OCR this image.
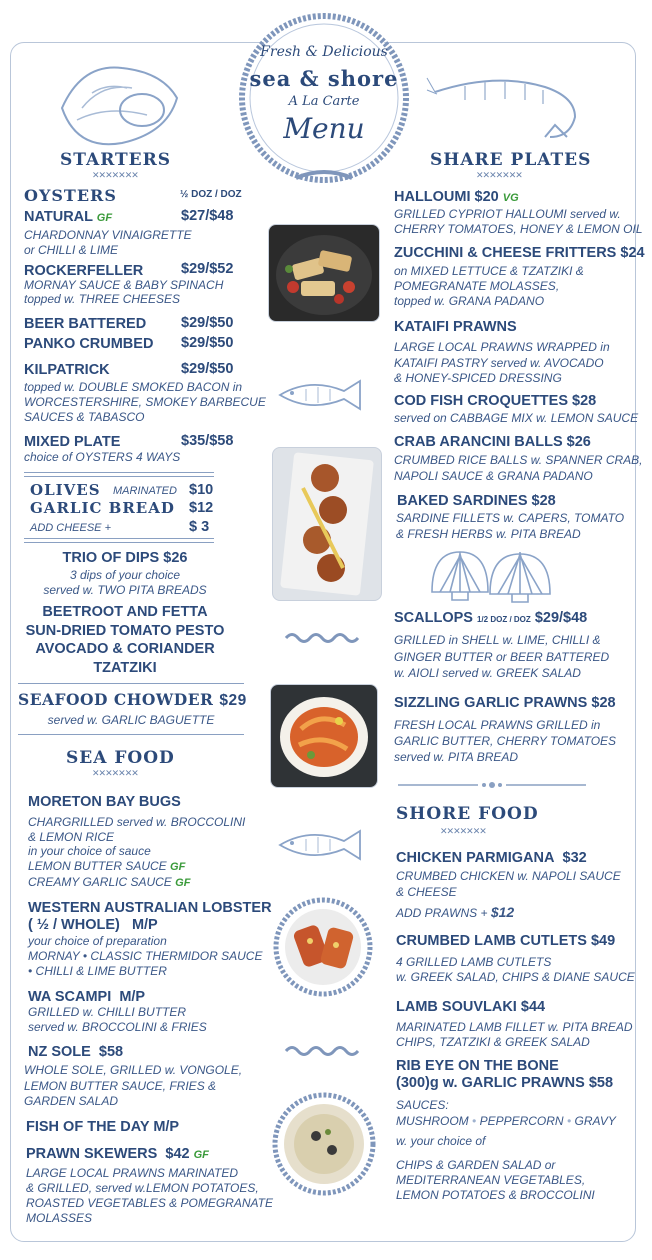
Fresh & Delicious
sea & shore
A La Carte
Menu
STARTERS
✕✕✕✕✕✕✕
OYSTERS	½ DOZ / DOZ
NATURAL GF	$27/$48
CHARDONNAY VINAIGRETTE
or CHILLI & LIME
ROCKERFELLER	$29/$52
MORNAY SAUCE & BABY SPINACH
topped w. THREE CHEESES
BEER BATTERED $29/$50
PANKO CRUMBED $29/$50
KILPATRICK	$29/$50
topped w. DOUBLE SMOKED BACON in
WORCESTERSHIRE, SMOKEY BARBECUE
SAUCES & TABASCO
MIXED PLATE	$35/$58
choice of OYSTERS 4 WAYS
OLIVES MARINATED $10
GARLIC BREAD $12
ADD CHEESE +	$ 3
TRIO OF DIPS $26
3 dips of your choice
served w. TWO PITA BREADS
BEETROOT AND FETTA
SUN-DRIED TOMATO PESTO
AVOCADO & CORIANDER
TZATZIKI
SEAFOOD CHOWDER $29
served w. GARLIC BAGUETTE
SEA FOOD
✕✕✕✕✕✕✕
MORETON BAY BUGS
CHARGRILLED served w. BROCCOLINI
& LEMON RICE
in your choice of sauce
LEMON BUTTER SAUCE GF
CREAMY GARLIC SAUCE GF
WESTERN AUSTRALIAN LOBSTER
( ½ / WHOLE) M/P
your choice of preparation
MORNAY • CLASSIC THERMIDOR SAUCE
• CHILLI & LIME BUTTER
WA SCAMPI M/P
GRILLED w. CHILLI BUTTER
served w. BROCCOLINI & FRIES
NZ SOLE $58
WHOLE SOLE, GRILLED w. VONGOLE,
LEMON BUTTER SAUCE, FRIES &
GARDEN SALAD
FISH OF THE DAY M/P
PRAWN SKEWERS $42 GF
LARGE LOCAL PRAWNS MARINATED
& GRILLED, served w.LEMON POTATOES,
ROASTED VEGETABLES & POMEGRANATE
MOLASSES
SHARE PLATES
✕✕✕✕✕✕✕
HALLOUMI $20 VG
GRILLED CYPRIOT HALLOUMI served w.
CHERRY TOMATOES, HONEY & LEMON OIL
ZUCCHINI & CHEESE FRITTERS $24
on MIXED LETTUCE & TZATZIKI &
POMEGRANATE MOLASSES,
topped w. GRANA PADANO
KATAIFI PRAWNS
LARGE LOCAL PRAWNS WRAPPED in
KATAIFI PASTRY served w. AVOCADO
& HONEY-SPICED DRESSING
COD FISH CROQUETTES $28
served on CABBAGE MIX w. LEMON SAUCE
CRAB ARANCINI BALLS $26
CRUMBED RICE BALLS w. SPANNER CRAB,
NAPOLI SAUCE & GRANA PADANO
BAKED SARDINES $28
SARDINE FILLETS w. CAPERS, TOMATO
& FRESH HERBS w. PITA BREAD
SCALLOPS 1/2 DOZ / DOZ $29/$48
GRILLED in SHELL w. LIME, CHILLI &
GINGER BUTTER or BEER BATTERED
w. AIOLI served w. GREEK SALAD
SIZZLING GARLIC PRAWNS $28
FRESH LOCAL PRAWNS GRILLED in
GARLIC BUTTER, CHERRY TOMATOES
served w. PITA BREAD
SHORE FOOD
✕✕✕✕✕✕✕
CHICKEN PARMIGANA $32
CRUMBED CHICKEN w. NAPOLI SAUCE
& CHEESE
ADD PRAWNS + $12
CRUMBED LAMB CUTLETS $49
4 GRILLED LAMB CUTLETS
w. GREEK SALAD, CHIPS & DIANE SAUCE
LAMB SOUVLAKI $44
MARINATED LAMB FILLET w. PITA BREAD
CHIPS, TZATZIKI & GREEK SALAD
RIB EYE ON THE BONE
(300)g w. GARLIC PRAWNS $58
SAUCES:
MUSHROOM • PEPPERCORN • GRAVY
w. your choice of
CHIPS & GARDEN SALAD or
MEDITERRANEAN VEGETABLES,
LEMON POTATOES & BROCCOLINI
